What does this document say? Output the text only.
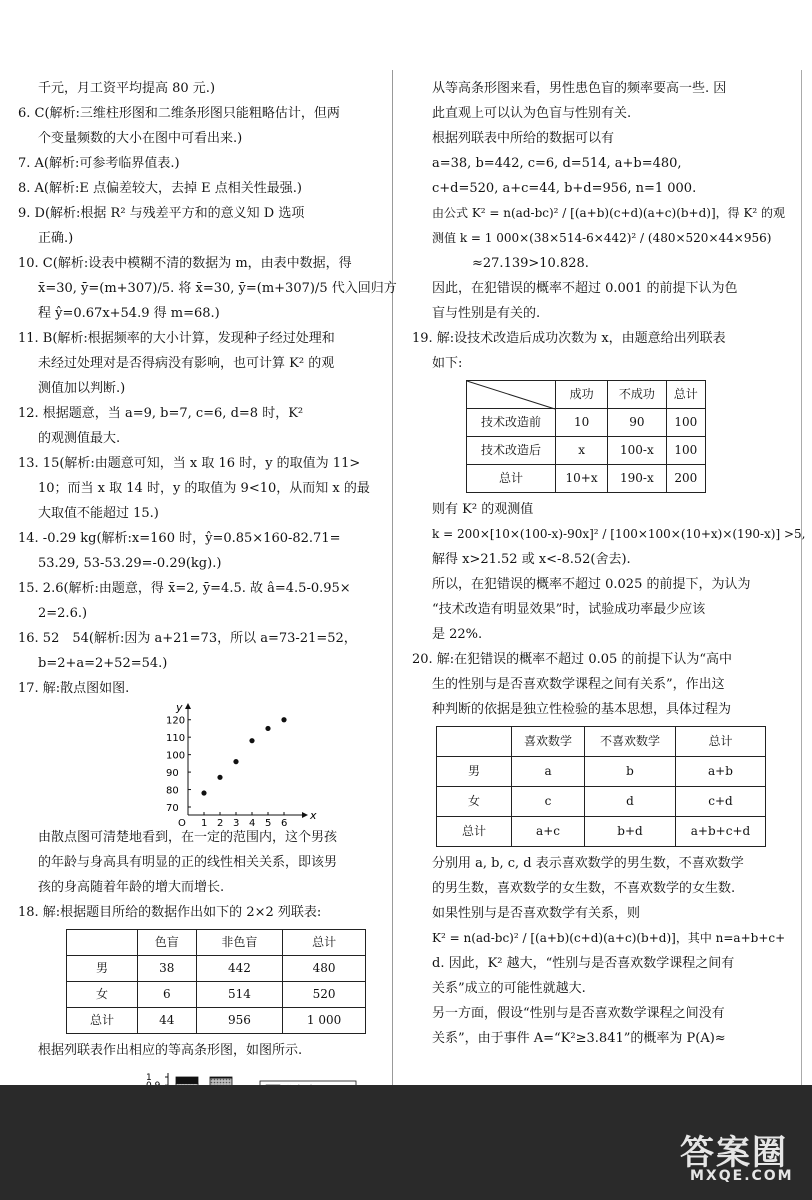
千元，月工资平均提高 80 元.)

6. C(解析:三维柱形图和二维条形图只能粗略估计，但两

个变量频数的大小在图中可看出来.)

7. A(解析:可参考临界值表.)

8. A(解析:E 点偏差较大，去掉 E 点相关性最强.)

9. D(解析:根据 R² 与残差平方和的意义知 D 选项

正确.)

10. C(解析:设表中模糊不清的数据为 m，由表中数据，得

x̄=30, ȳ=(m+307)/5. 将 x̄=30, ȳ=(m+307)/5 代入回归方

程 ŷ=0.67x+54.9 得 m=68.)

11. B(解析:根据频率的大小计算，发现种子经过处理和

未经过处理对是否得病没有影响，也可计算 K² 的观

测值加以判断.)

12. 根据题意，当 a=9, b=7, c=6, d=8 时，K²

的观测值最大.

13. 15(解析:由题意可知，当 x 取 16 时，y 的取值为 11>

10；而当 x 取 14 时，y 的取值为 9<10，从而知 x 的最

大取值不能超过 15.)

14. -0.29 kg(解析:x=160 时，ŷ=0.85×160-82.71=

53.29, 53-53.29=-0.29(kg).)

15. 2.6(解析:由题意，得 x̄=2, ȳ=4.5. 故 â=4.5-0.95×

2=2.6.)

16. 52　54(解析:因为 a+21=73，所以 a=73-21=52，

b=2+a=2+52=54.)

17. 解:散点图如图.

x
y
O 1 2 3 4 5 6
70
80
90
100
110
120

由散点图可清楚地看到，在一定的范围内，这个男孩

的年龄与身高具有明显的正的线性相关关系，即该男

孩的身高随着年龄的增大而增长.

18. 解:根据题目所给的数据作出如下的 2×2 列联表:

	色盲	非色盲	总计
男	38	442	480
女	6	514	520
总计	44	956	1 000

根据列联表作出相应的等高条形图，如图所示.

1

从等高条形图来看，男性患色盲的频率要高一些. 因

此直观上可以认为色盲与性别有关.

根据列联表中所给的数据可以有

a=38, b=442, c=6, d=514, a+b=480,

c+d=520, a+c=44, b+d=956, n=1 000.

由公式 K² = n(ad-bc)² / [(a+b)(c+d)(a+c)(b+d)]，得 K² 的观

测值 k = 1 000×(38×514-6×442)² / (480×520×44×956)

≈27.139>10.828.

因此，在犯错误的概率不超过 0.001 的前提下认为色

盲与性别是有关的.

19. 解:设技术改造后成功次数为 x，由题意给出列联表

如下:

	成功	不成功	总计
技术改造前	10	90	100
技术改造后	x	100-x	100
总计	10+x	190-x	200

则有 K² 的观测值

k = 200×[10×(100-x)-90x]² / [100×100×(10+x)×(190-x)] >5,

解得 x>21.52 或 x<-8.52(舍去).

所以，在犯错误的概率不超过 0.025 的前提下，为认为

“技术改造有明显效果”时，试验成功率最少应该

是 22%.

20. 解:在犯错误的概率不超过 0.05 的前提下认为“高中

生的性别与是否喜欢数学课程之间有关系”，作出这

种判断的依据是独立性检验的基本思想，具体过程为

	喜欢数学	不喜欢数学	总计
男	a	b	a+b
女	c	d	c+d
总计	a+c	b+d	a+b+c+d

分别用 a, b, c, d 表示喜欢数学的男生数，不喜欢数学

的男生数，喜欢数学的女生数，不喜欢数学的女生数.

如果性别与是否喜欢数学有关系，则

K² = n(ad-bc)² / [(a+b)(c+d)(a+c)(b+d)]，其中 n=a+b+c+

d. 因此，K² 越大，“性别与是否喜欢数学课程之间有

关系”成立的可能性就越大.

另一方面，假设“性别与是否喜欢数学课程之间没有

关系”，由于事件 A=“K²≥3.841”的概率为 P(A)≈

答案圈
MXQE.COM
